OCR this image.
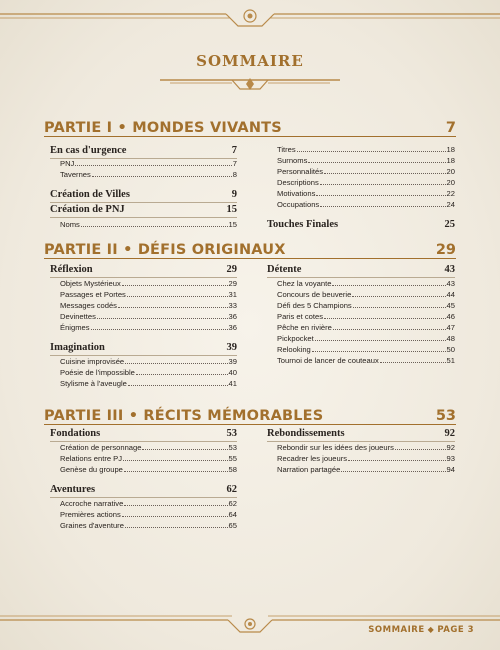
SOMMAIRE
PARTIE I • MONDES VIVANTS	7
En cas d'urgence	7
PNJ	7
Tavernes	8
Création de Villes	9
Création de PNJ	15
Noms	15
Titres	18
Surnoms	18
Personnalités	20
Descriptions	20
Motivations	22
Occupations	24
Touches Finales	25
PARTIE II • DÉFIS ORIGINAUX	29
Réflexion	29
Objets Mystérieux	29
Passages et Portes	31
Messages codés	33
Devinettes	36
Énigmes	36
Imagination	39
Cuisine improvisée	39
Poésie de l'impossible	40
Stylisme à l'aveugle	41
Détente	43
Chez la voyante	43
Concours de beuverie	44
Défi des 5 Champions	45
Paris et cotes	46
Pêche en rivière	47
Pickpocket	48
Relooking	50
Tournoi de lancer de couteaux	51
PARTIE III • RÉCITS MÉMORABLES	53
Fondations	53
Création de personnage	53
Relations entre PJ	55
Genèse du groupe	58
Aventures	62
Accroche narrative	62
Premières actions	64
Graines d'aventure	65
Rebondissements	92
Rebondir sur les idées des joueurs	92
Recadrer les joueurs	93
Narration partagée	94
SOMMAIRE ◆ PAGE 3
